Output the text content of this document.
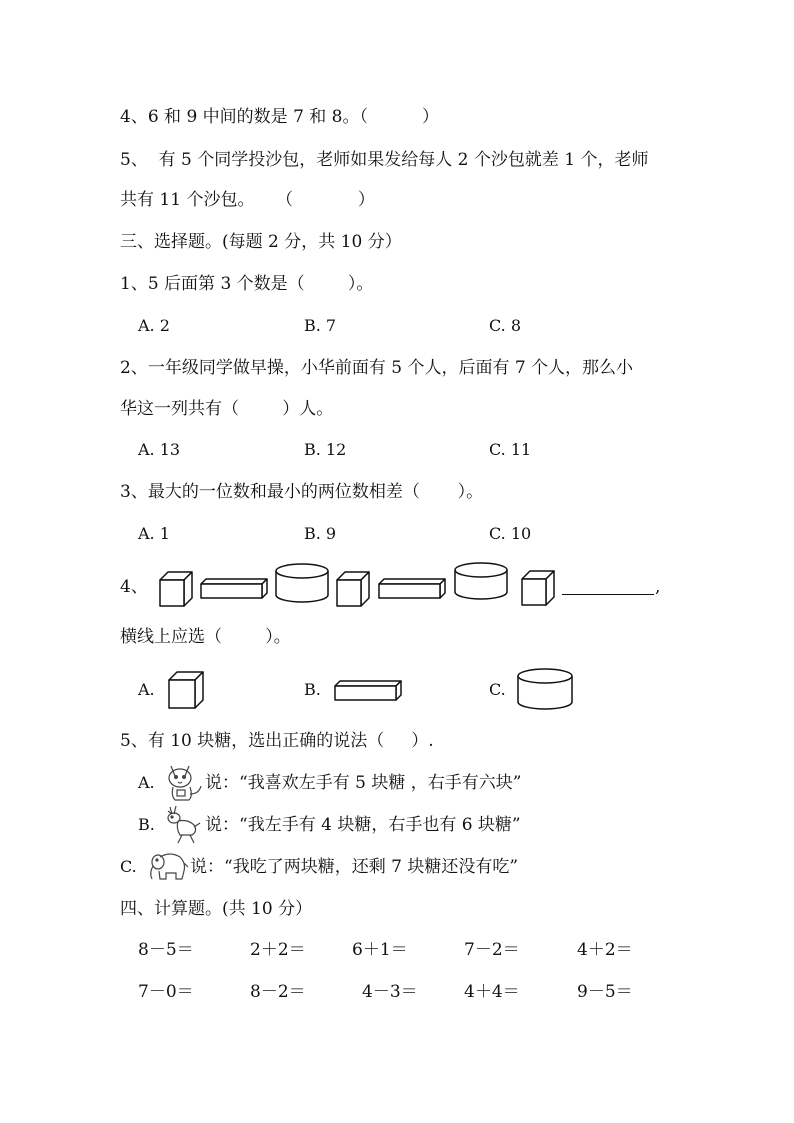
4、6 和 9 中间的数是 7 和 8。（          ）
5、  有 5 个同学投沙包，老师如果发给每人 2 个沙包就差 1 个，老师
共有 11 个沙包。    （            ）
三、选择题。(每题 2 分，共 10 分）
1、5 后面第 3 个数是（        ）。
A. 2	B. 7	C. 8
2、一年级同学做早操，小华前面有 5 个人，后面有 7 个人，那么小
华这一列共有（        ）人。
A. 13	B. 12	C. 11
3、最大的一位数和最小的两位数相差（       ）。
A. 1	B. 9	C. 10
4、	,
横线上应选（        ）。
A.	B.	C.
5、有 10 块糖，选出正确的说法（     ）.
A.	说：“我喜欢左手有 5 块糖 ，右手有六块”
B.	说：“我左手有 4 块糖，右手也有 6 块糖”
C.	说：“我吃了两块糖，还剩 7 块糖还没有吃”
四、计算题。(共 10 分）
8－5＝	2＋2＝	6＋1＝	7－2＝	4＋2＝
7－0＝	8－2＝	4－3＝	4＋4＝	9－5＝
